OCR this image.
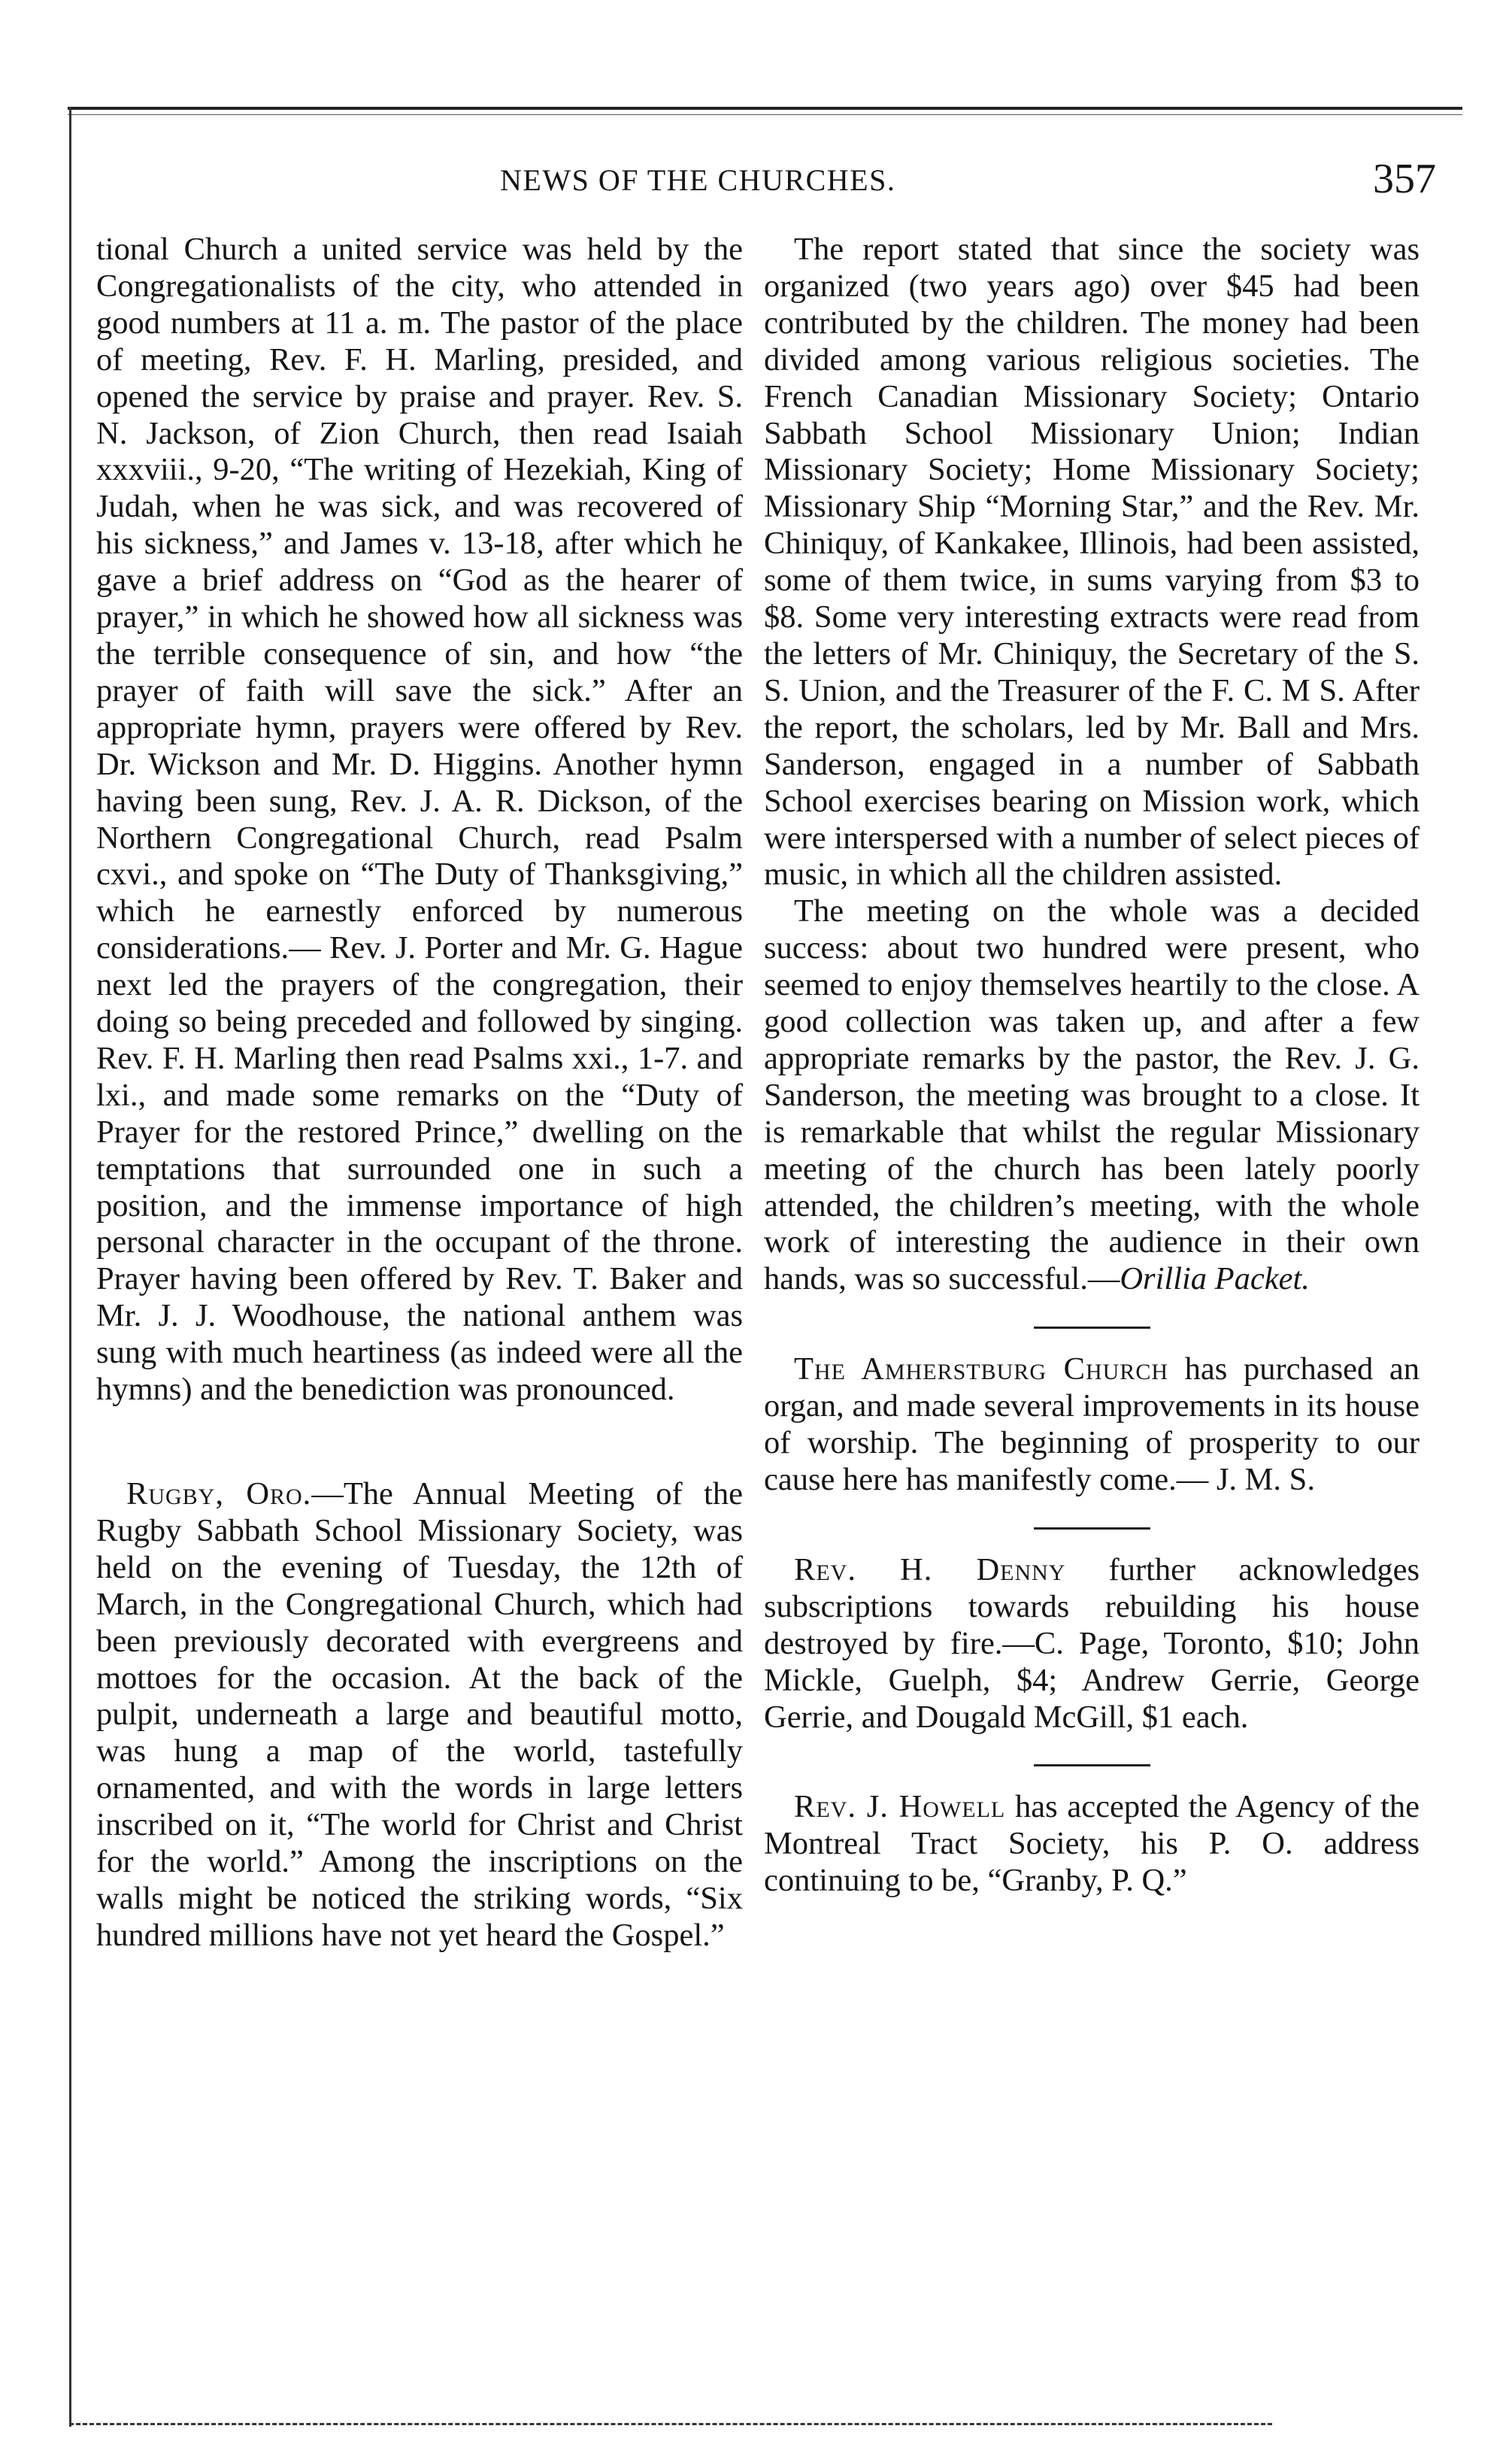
NEWS OF THE CHURCHES.	357

tional Church a united service was held by the Congregationalists of the city, who attended in good numbers at 11 a. m. The pastor of the place of meeting, Rev. F. H. Marling, presided, and opened the service by praise and prayer. Rev. S. N. Jackson, of Zion Church, then read Isaiah xxxviii., 9-20, “The writing of Hezekiah, King of Judah, when he was sick, and was recovered of his sickness,” and James v. 13-18, after which he gave a brief address on “God as the hearer of prayer,” in which he showed how all sickness was the terrible consequence of sin, and how “the prayer of faith will save the sick.” After an appropriate hymn, prayers were offered by Rev. Dr. Wickson and Mr. D. Higgins. Another hymn having been sung, Rev. J. A. R. Dickson, of the Northern Congregational Church, read Psalm cxvi., and spoke on “The Duty of Thanksgiving,” which he earnestly enforced by numerous considerations.— Rev. J. Porter and Mr. G. Hague next led the prayers of the congregation, their doing so being preceded and followed by singing. Rev. F. H. Marling then read Psalms xxi., 1-7. and lxi., and made some remarks on the “Duty of Prayer for the restored Prince,” dwelling on the temptations that surrounded one in such a position, and the immense importance of high personal character in the occupant of the throne. Prayer having been offered by Rev. T. Baker and Mr. J. J. Woodhouse, the national anthem was sung with much heartiness (as indeed were all the hymns) and the benediction was pronounced.

Rugby, Oro.—The Annual Meeting of the Rugby Sabbath School Missionary Society, was held on the evening of Tuesday, the 12th of March, in the Congregational Church, which had been previously decorated with evergreens and mottoes for the occasion. At the back of the pulpit, underneath a large and beautiful motto, was hung a map of the world, tastefully ornamented, and with the words in large letters inscribed on it, “The world for Christ and Christ for the world.” Among the inscriptions on the walls might be noticed the striking words, “Six hundred millions have not yet heard the Gospel.”

The report stated that since the society was organized (two years ago) over $45 had been contributed by the children. The money had been divided among various religious societies. The French Canadian Missionary Society; Ontario Sabbath School Missionary Union; Indian Missionary Society; Home Missionary Society; Missionary Ship “Morning Star,” and the Rev. Mr. Chiniquy, of Kankakee, Illinois, had been assisted, some of them twice, in sums varying from $3 to $8. Some very interesting extracts were read from the letters of Mr. Chiniquy, the Secretary of the S. S. Union, and the Treasurer of the F. C. M S. After the report, the scholars, led by Mr. Ball and Mrs. Sanderson, engaged in a number of Sabbath School exercises bearing on Mission work, which were interspersed with a number of select pieces of music, in which all the children assisted.

The meeting on the whole was a decided success: about two hundred were present, who seemed to enjoy themselves heartily to the close. A good collection was taken up, and after a few appropriate remarks by the pastor, the Rev. J. G. Sanderson, the meeting was brought to a close. It is remarkable that whilst the regular Missionary meeting of the church has been lately poorly attended, the children’s meeting, with the whole work of interesting the audience in their own hands, was so successful.—Orillia Packet.

The Amherstburg Church has purchased an organ, and made several improvements in its house of worship. The beginning of prosperity to our cause here has manifestly come.— J. M. S.

Rev. H. Denny further acknowledges subscriptions towards rebuilding his house destroyed by fire.—C. Page, Toronto, $10; John Mickle, Guelph, $4; Andrew Gerrie, George Gerrie, and Dougald McGill, $1 each.

Rev. J. Howell has accepted the Agency of the Montreal Tract Society, his P. O. address continuing to be, “Granby, P. Q.”
